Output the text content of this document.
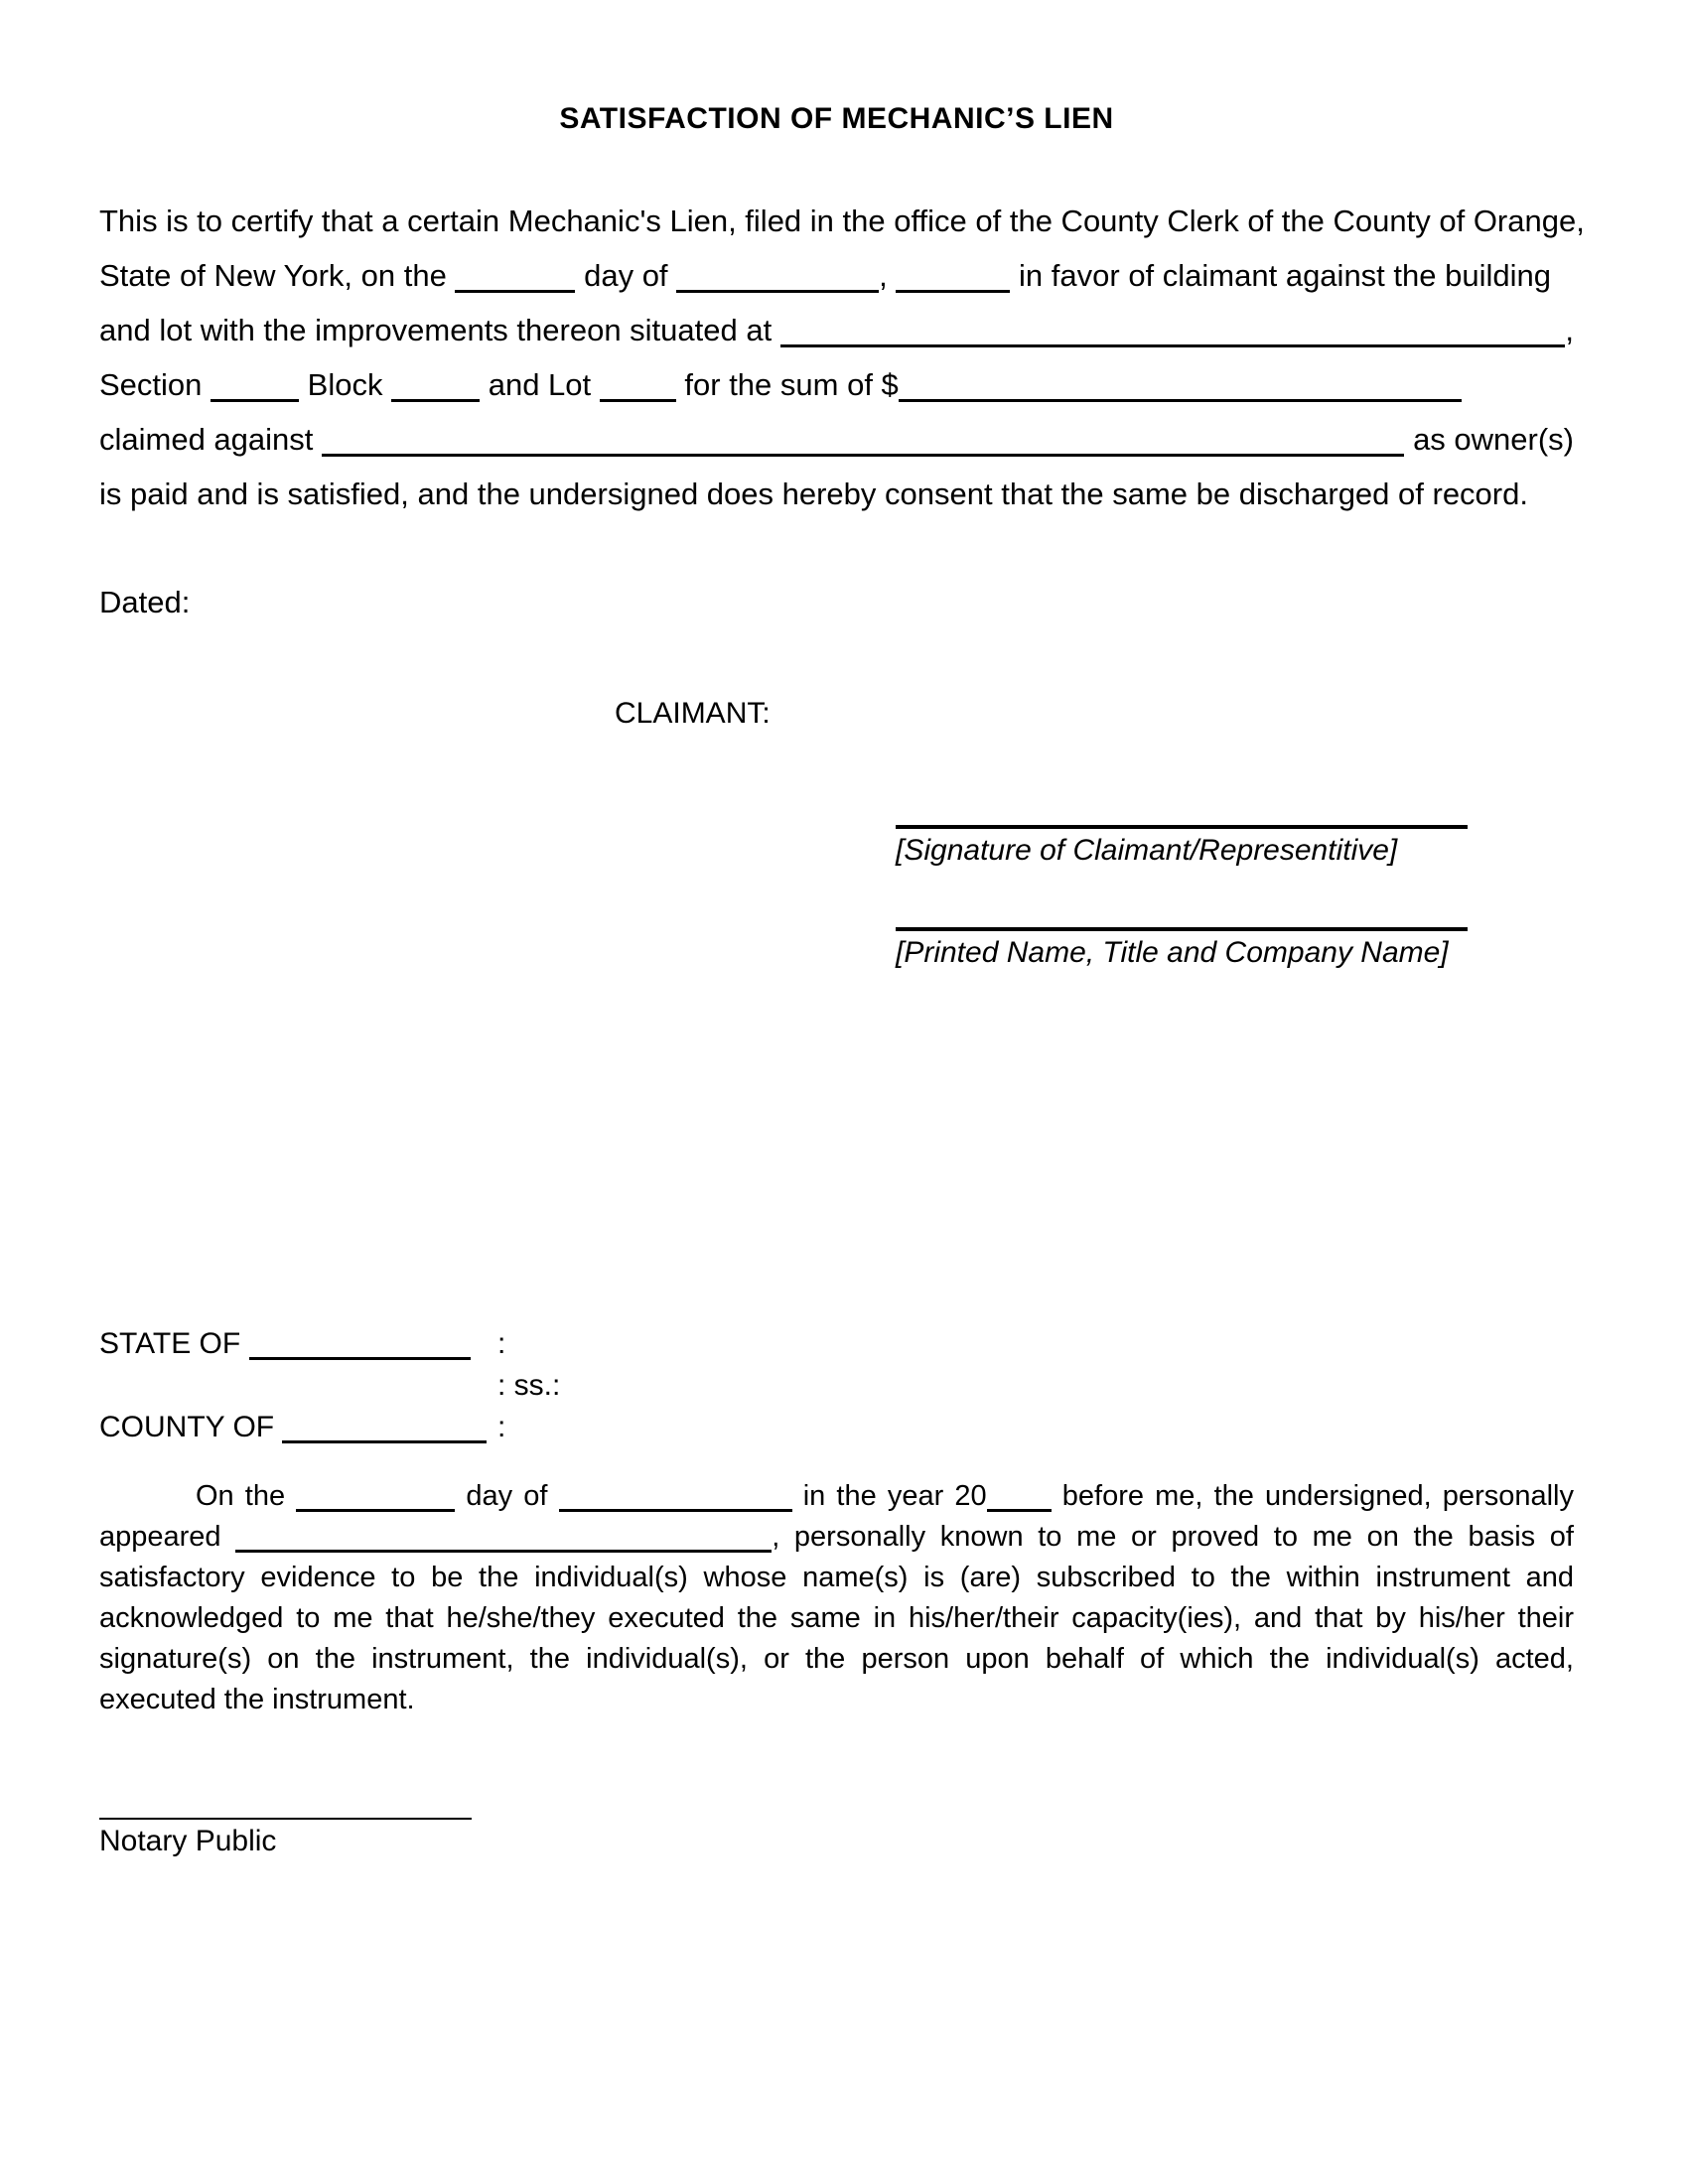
SATISFACTION OF MECHANIC’S LIEN
This is to certify that a certain Mechanic's Lien, filed in the office of the County Clerk of the County of Orange,
State of New York, on the	day of	,	in favor of claimant against the building
and lot with the improvements thereon situated at	,
Section	Block	and Lot	for the sum of $
claimed against	as owner(s)
is paid and is satisfied, and the undersigned does hereby consent that the same be discharged of record.
Dated:
CLAIMANT:
[Signature of Claimant/Representitive]
[Printed Name, Title and Company Name]
STATE OF	:
: ss.:
COUNTY OF	:
On the	day of	in the year 20	before me, the undersigned, personally
appeared	, personally known to me or proved to me on the basis of
satisfactory evidence to be the individual(s) whose name(s) is (are) subscribed to the within instrument and
acknowledged to me that he/she/they executed the same in his/her/their capacity(ies), and that by his/her their
signature(s) on the instrument, the individual(s), or the person upon behalf of which the individual(s) acted,
executed the instrument.
Notary Public
